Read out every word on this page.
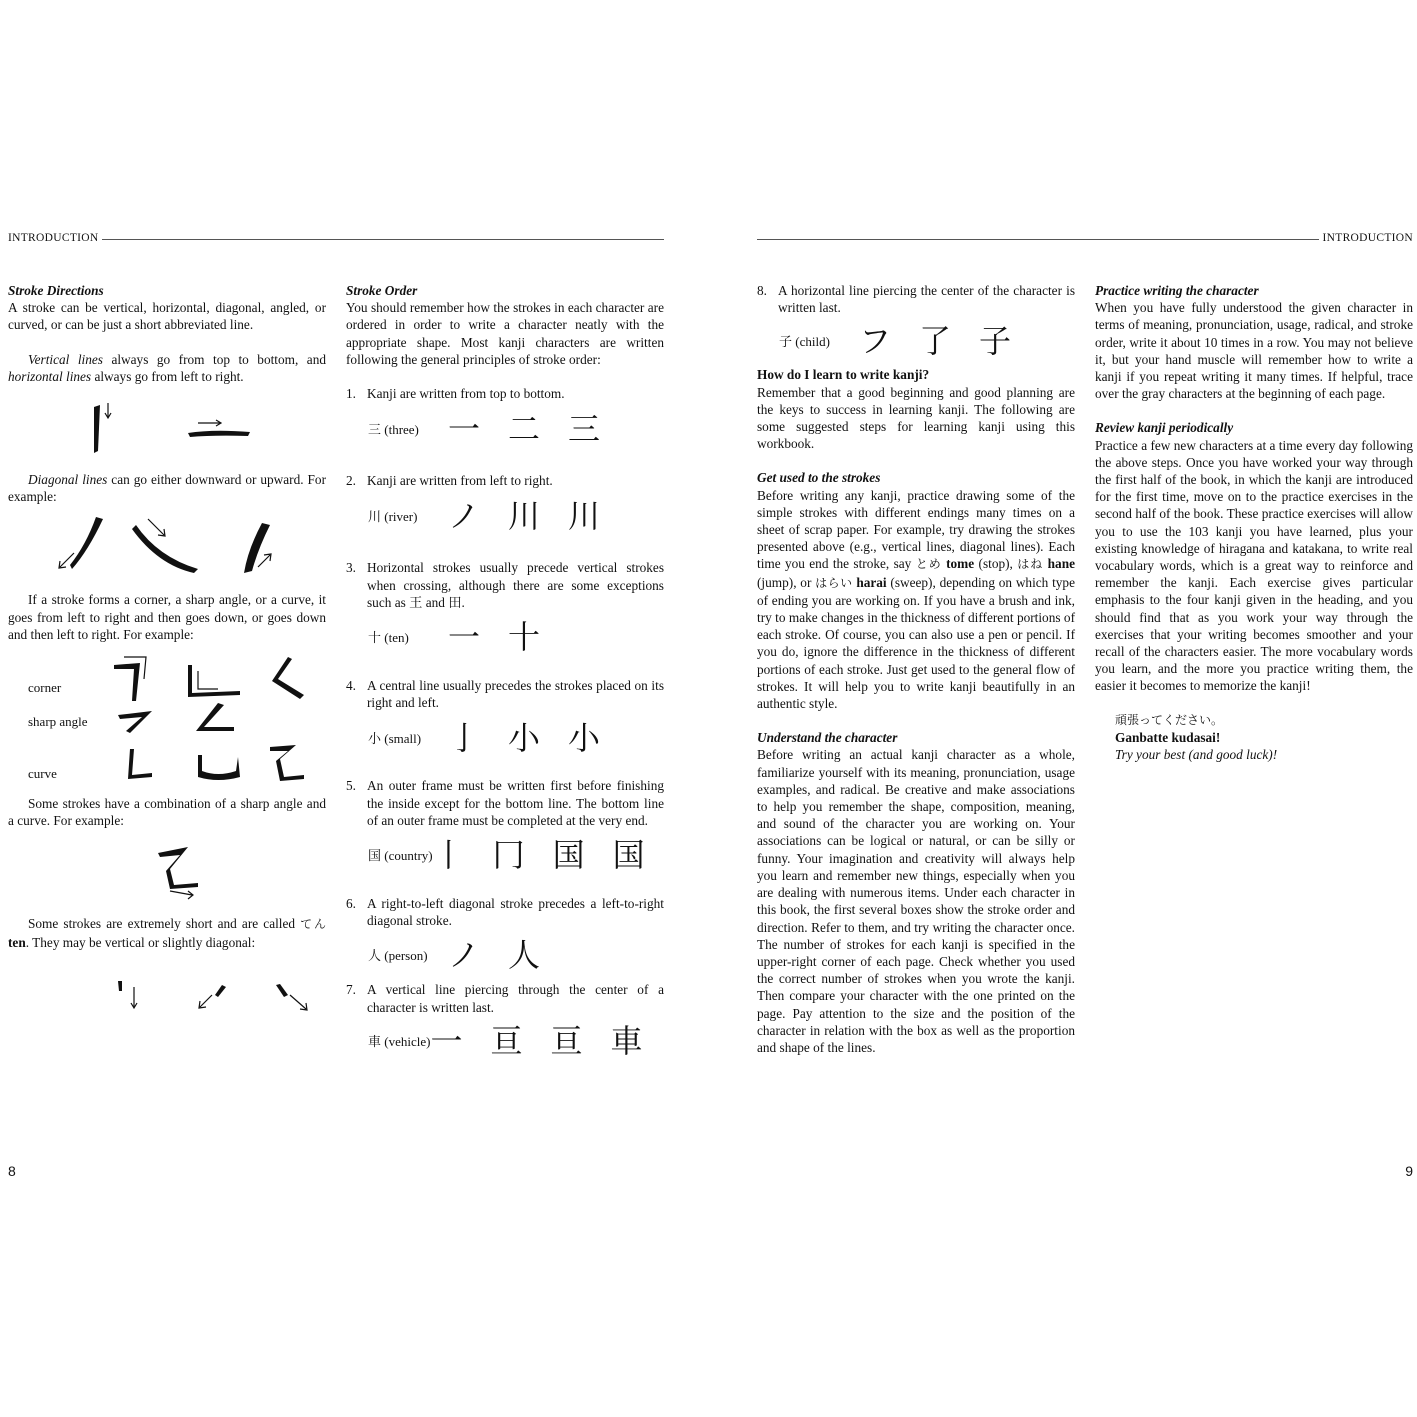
INTRODUCTION

Stroke Directions

A stroke can be vertical, horizontal, diagonal, angled, or curved, or can be just a short abbreviated line.

Vertical lines always go from top to bottom, and horizontal lines always go from left to right.

Diagonal lines can go either downward or upward. For example:

If a stroke forms a corner, a sharp angle, or a curve, it goes from left to right and then goes down, or goes down and then left to right. For example:

corner
sharp angle
curve

Some strokes have a combination of a sharp angle and a curve. For example:

Some strokes are extremely short and are called てん ten. They may be vertical or slightly diagonal:

Stroke Order

You should remember how the strokes in each character are ordered in order to write a character neatly with the appropriate shape. Most kanji characters are written following the general principles of stroke order:

1. Kanji are written from top to bottom.
三 (three) 一 二 三
2. Kanji are written from left to right.
川 (river) ノ 川 川
3. Horizontal strokes usually precede vertical strokes when crossing, although there are some exceptions such as 王 and 田.
十 (ten)	一 十
4. A central line usually precedes the strokes placed on its right and left.
小 (small) 亅 小 小
5. An outer frame must be written first before finishing the inside except for the bottom line. The bottom line of an outer frame must be completed at the very end.
国 (country) 丨 冂 国 国
6. A right-to-left diagonal stroke precedes a left-to-right diagonal stroke.
人 (person) ノ 人
7. A vertical line piercing through the center of a character is written last.
車 (vehicle) 一 亘 亘 車
8
INTRODUCTION
8. A horizontal line piercing the center of the character is written last.
子 (child) フ 了 子

How do I learn to write kanji?

Remember that a good beginning and good planning are the keys to success in learning kanji. The following are some suggested steps for learning kanji using this workbook.

Get used to the strokes

Before writing any kanji, practice drawing some of the simple strokes with different endings many times on a sheet of scrap paper. For example, try drawing the strokes presented above (e.g., vertical lines, diagonal lines). Each time you end the stroke, say とめ tome (stop), はね hane (jump), or はらい harai (sweep), depending on which type of ending you are working on. If you have a brush and ink, try to make changes in the thickness of different portions of each stroke. Of course, you can also use a pen or pencil. If you do, ignore the difference in the thickness of different portions of each stroke. Just get used to the general flow of strokes. It will help you to write kanji beautifully in an authentic style.

Understand the character

Before writing an actual kanji character as a whole, familiarize yourself with its meaning, pronunciation, usage examples, and radical. Be creative and make associations to help you remember the shape, composition, meaning, and sound of the character you are working on. Your associations can be logical or natural, or can be silly or funny. Your imagination and creativity will always help you learn and remember new things, especially when you are dealing with numerous items. Under each character in this book, the first several boxes show the stroke order and direction. Refer to them, and try writing the character once. The number of strokes for each kanji is specified in the upper-right corner of each page. Check whether you used the correct number of strokes when you wrote the kanji. Then compare your character with the one printed on the page. Pay attention to the size and the position of the character in relation with the box as well as the proportion and shape of the lines.

Practice writing the character

When you have fully understood the given character in terms of meaning, pronunciation, usage, radical, and stroke order, write it about 10 times in a row. You may not believe it, but your hand muscle will remember how to write a kanji if you repeat writing it many times. If helpful, trace over the gray characters at the beginning of each page.

Review kanji periodically

Practice a few new characters at a time every day following the above steps. Once you have worked your way through the first half of the book, in which the kanji are introduced for the first time, move on to the practice exercises in the second half of the book. These practice exercises will allow you to use the 103 kanji you have learned, plus your existing knowledge of hiragana and katakana, to write real vocabulary words, which is a great way to reinforce and remember the kanji. Each exercise gives particular emphasis to the four kanji given in the heading, and you should find that as you work your way through the exercises that your writing becomes smoother and your recall of the characters easier. The more vocabulary words you learn, and the more you practice writing them, the easier it becomes to memorize the kanji!

頑張ってください。

Ganbatte kudasai!

Try your best (and good luck)!

9
